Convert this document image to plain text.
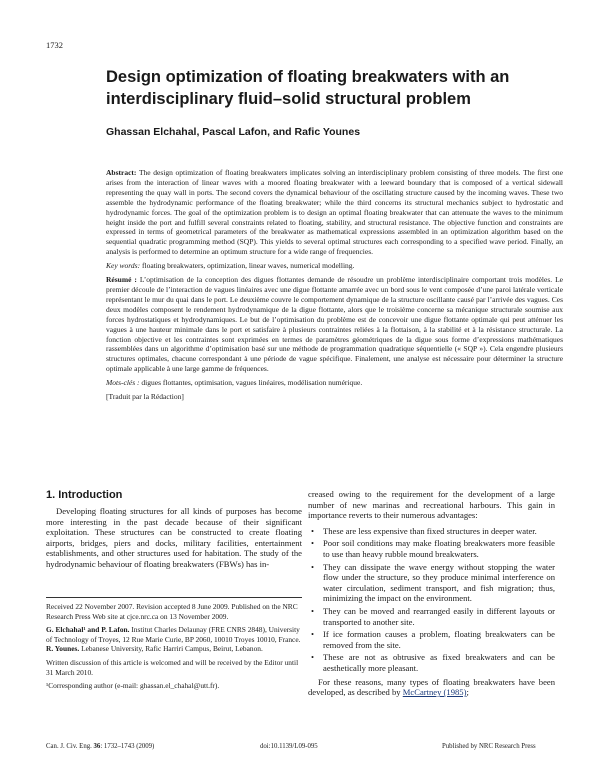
1732
Design optimization of floating breakwaters with an interdisciplinary fluid–solid structural problem
Ghassan Elchahal, Pascal Lafon, and Rafic Younes

Abstract: The design optimization of floating breakwaters implicates solving an interdisciplinary problem consisting of three models. The first one arises from the interaction of linear waves with a moored floating breakwater with a leeward boundary that is composed of a vertical sidewall representing the quay wall in ports. The second covers the dynamical behaviour of the oscillating structure caused by the incoming waves. These two assemble the hydrodynamic performance of the floating breakwater; while the third concerns its structural mechanics subject to hydrostatic and hydrodynamic forces. The goal of the optimization problem is to design an optimal floating breakwater that can attenuate the waves to the minimum height inside the port and fulfill several constraints related to floating, stability, and structural resistance. The objective function and constraints are expressed in terms of geometrical parameters of the breakwater as mathematical expressions assembled in an optimization algorithm based on the sequential quadratic programming method (SQP). This yields to several optimal structures each corresponding to a specified wave period. Finally, an analysis is performed to determine an optimum structure for a wide range of frequencies.

Key words: floating breakwaters, optimization, linear waves, numerical modelling.

Résumé : L’optimisation de la conception des digues flottantes demande de résoudre un problème interdisciplinaire comportant trois modèles. Le premier découle de l’interaction de vagues linéaires avec une digue flottante amarrée avec un bord sous le vent composée d’une paroi latérale verticale représentant le mur du quai dans le port. Le deuxième couvre le comportement dynamique de la structure oscillante causé par l’arrivée des vagues. Ces deux modèles composent le rendement hydrodynamique de la digue flottante, alors que le troisième concerne sa mécanique structurale soumise aux forces hydrostatiques et hydrodynamiques. Le but de l’optimisation du problème est de concevoir une digue flottante optimale qui peut atténuer les vagues à une hauteur minimale dans le port et satisfaire à plusieurs contraintes reliées à la flottaison, à la stabilité et à la résistance structurale. La fonction objective et les contraintes sont exprimées en termes de paramètres géométriques de la digue sous forme d’expressions mathématiques rassemblées dans un algorithme d’optimisation basé sur une méthode de programmation quadratique séquentielle (« SQP »). Cela engendre plusieurs structures optimales, chacune correspondant à une période de vague spécifique. Finalement, une analyse est nécessaire pour déterminer la structure optimale applicable à une large gamme de fréquences.

Mots-clés : digues flottantes, optimisation, vagues linéaires, modélisation numérique.

[Traduit par la Rédaction]

1. Introduction

Developing floating structures for all kinds of purposes has become more interesting in the past decade because of their significant exploitation. These structures can be constructed to create floating airports, bridges, piers and docks, military facilities, entertainment establishments, and other structures used for habitation. The study of the hydrodynamic behaviour of floating breakwaters (FBWs) has in-

Received 22 November 2007. Revision accepted 8 June 2009. Published on the NRC Research Press Web site at cjce.nrc.ca on 13 November 2009.

G. Elchahal¹ and P. Lafon. Institut Charles Delaunay (FRE CNRS 2848), University of Technology of Troyes, 12 Rue Marie Curie, BP 2060, 10010 Troyes 10010, France.
R. Younes. Lebanese University, Rafic Harriri Campus, Beirut, Lebanon.

Written discussion of this article is welcomed and will be received by the Editor until 31 March 2010.

¹Corresponding author (e-mail: ghassan.el_chahal@utt.fr).

creased owing to the requirement for the development of a large number of new marinas and recreational harbours. This gain in importance reverts to their numerous advantages:

• These are less expensive than fixed structures in deeper water.
• Poor soil conditions may make floating breakwaters more feasible to use than heavy rubble mound breakwaters.
• They can dissipate the wave energy without stopping the water flow under the structure, so they produce minimal interference on water circulation, sediment transport, and fish migration; thus, minimizing the impact on the environment.
• They can be moved and rearranged easily in different layouts or transported to another site.
• If ice formation causes a problem, floating breakwaters can be removed from the site.
• These are not as obtrusive as fixed breakwaters and can be aesthetically more pleasant.

For these reasons, many types of floating breakwaters have been developed, as described by McCartney (1985);

Can. J. Civ. Eng. 36: 1732–1743 (2009)	doi:10.1139/L09-095	Published by NRC Research Press
